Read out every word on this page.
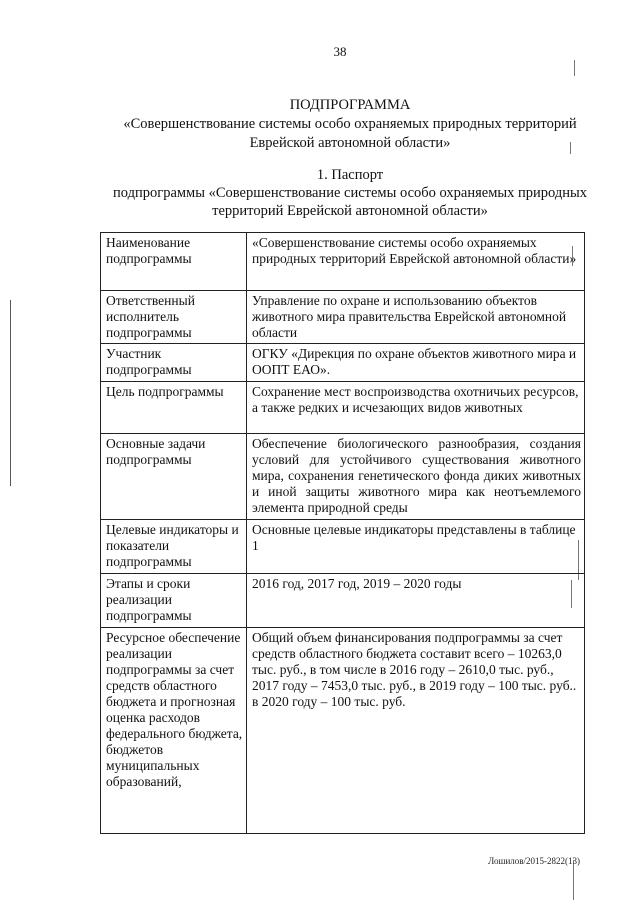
38
ПОДПРОГРАММА
«Совершенствование системы особо охраняемых природных территорий
Еврейской автономной области»
1. Паспорт
подпрограммы «Совершенствование системы особо охраняемых природных
территорий Еврейской автономной области»
Наименование подпрограммы	«Совершенствование системы особо охраняемых природных территорий Еврейской автономной области»
Ответственный исполнитель подпрограммы	Управление по охране и использованию объектов животного мира правительства Еврейской автономной области
Участник подпрограммы	ОГКУ «Дирекция по охране объектов животного мира и ООПТ ЕАО».
Цель подпрограммы	Сохранение мест воспроизводства охотничьих ресурсов, а также редких и исчезающих видов животных
Основные задачи подпрограммы	Обеспечение биологического разнообразия, создания условий для устойчивого существования животного мира, сохранения генетического фонда диких животных и иной защиты животного мира как неотъемлемого элемента природной среды
Целевые индикаторы и показатели подпрограммы	Основные целевые индикаторы представлены в таблице 1
Этапы и сроки реализации подпрограммы	2016 год, 2017 год, 2019 – 2020 годы
Ресурсное обеспечение реализации подпрограммы за счет средств областного бюджета и прогнозная оценка расходов федерального бюджета, бюджетов муниципальных образований,	Общий объем финансирования подпрограммы за счет средств областного бюджета составит всего – 10263,0 тыс. руб., в том числе в 2016 году – 2610,0 тыс. руб., 2017 году – 7453,0 тыс. руб., в 2019 году – 100 тыс. руб.. в 2020 году – 100 тыс. руб.
Лошилов/2015-2822(13)
